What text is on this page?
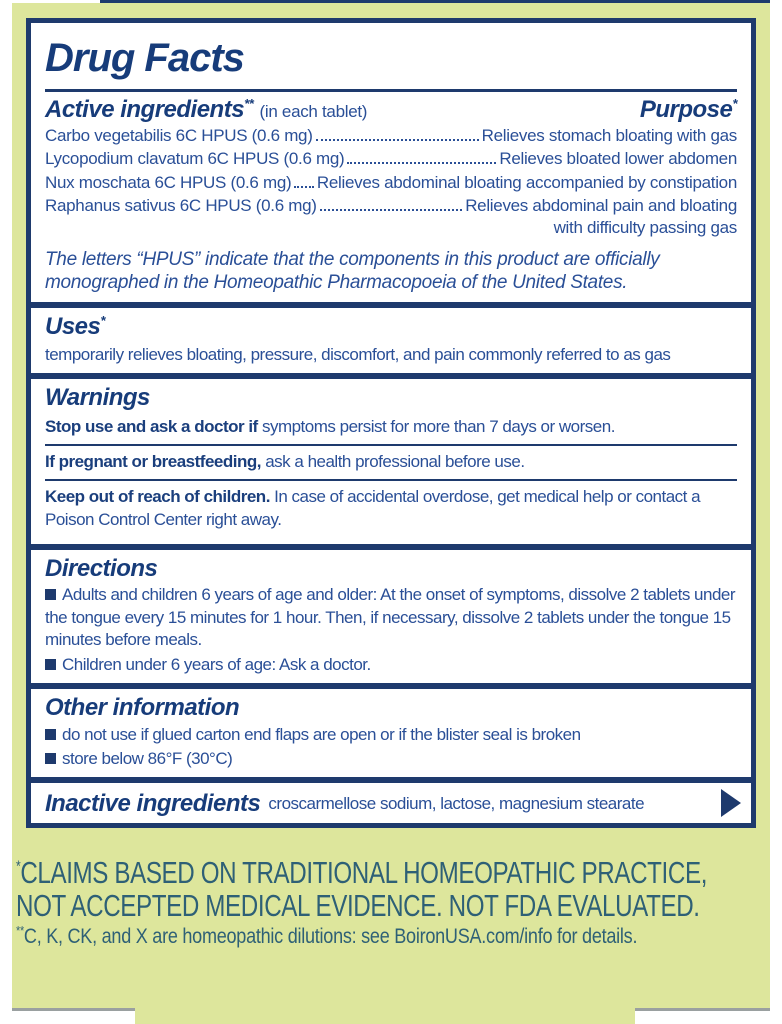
Drug Facts
Active ingredients** (in each tablet)	Purpose*
Carbo vegetabilis 6C HPUS (0.6 mg)	Relieves stomach bloating with gas
Lycopodium clavatum 6C HPUS (0.6 mg)	Relieves bloated lower abdomen
Nux moschata 6C HPUS (0.6 mg) Relieves abdominal bloating accompanied by constipation
Raphanus sativus 6C HPUS (0.6 mg)	Relieves abdominal pain and bloating
with difficulty passing gas
The letters “HPUS” indicate that the components in this product are officially monographed in the Homeopathic Pharmacopoeia of the United States.
Uses*
temporarily relieves bloating, pressure, discomfort, and pain commonly referred to as gas
Warnings
Stop use and ask a doctor if symptoms persist for more than 7 days or worsen.
If pregnant or breastfeeding, ask a health professional before use.
Keep out of reach of children. In case of accidental overdose, get medical help or contact a Poison Control Center right away.
Directions
Adults and children 6 years of age and older: At the onset of symptoms, dissolve 2 tablets under the tongue every 15 minutes for 1 hour. Then, if necessary, dissolve 2 tablets under the tongue 15 minutes before meals.
Children under 6 years of age: Ask a doctor.
Other information
do not use if glued carton end flaps are open or if the blister seal is broken
store below 86°F (30°C)
Inactive ingredients croscarmellose sodium, lactose, magnesium stearate
*CLAIMS BASED ON TRADITIONAL HOMEOPATHIC PRACTICE,
NOT ACCEPTED MEDICAL EVIDENCE. NOT FDA EVALUATED.
**C, K, CK, and X are homeopathic dilutions: see BoironUSA.com/info for details.
